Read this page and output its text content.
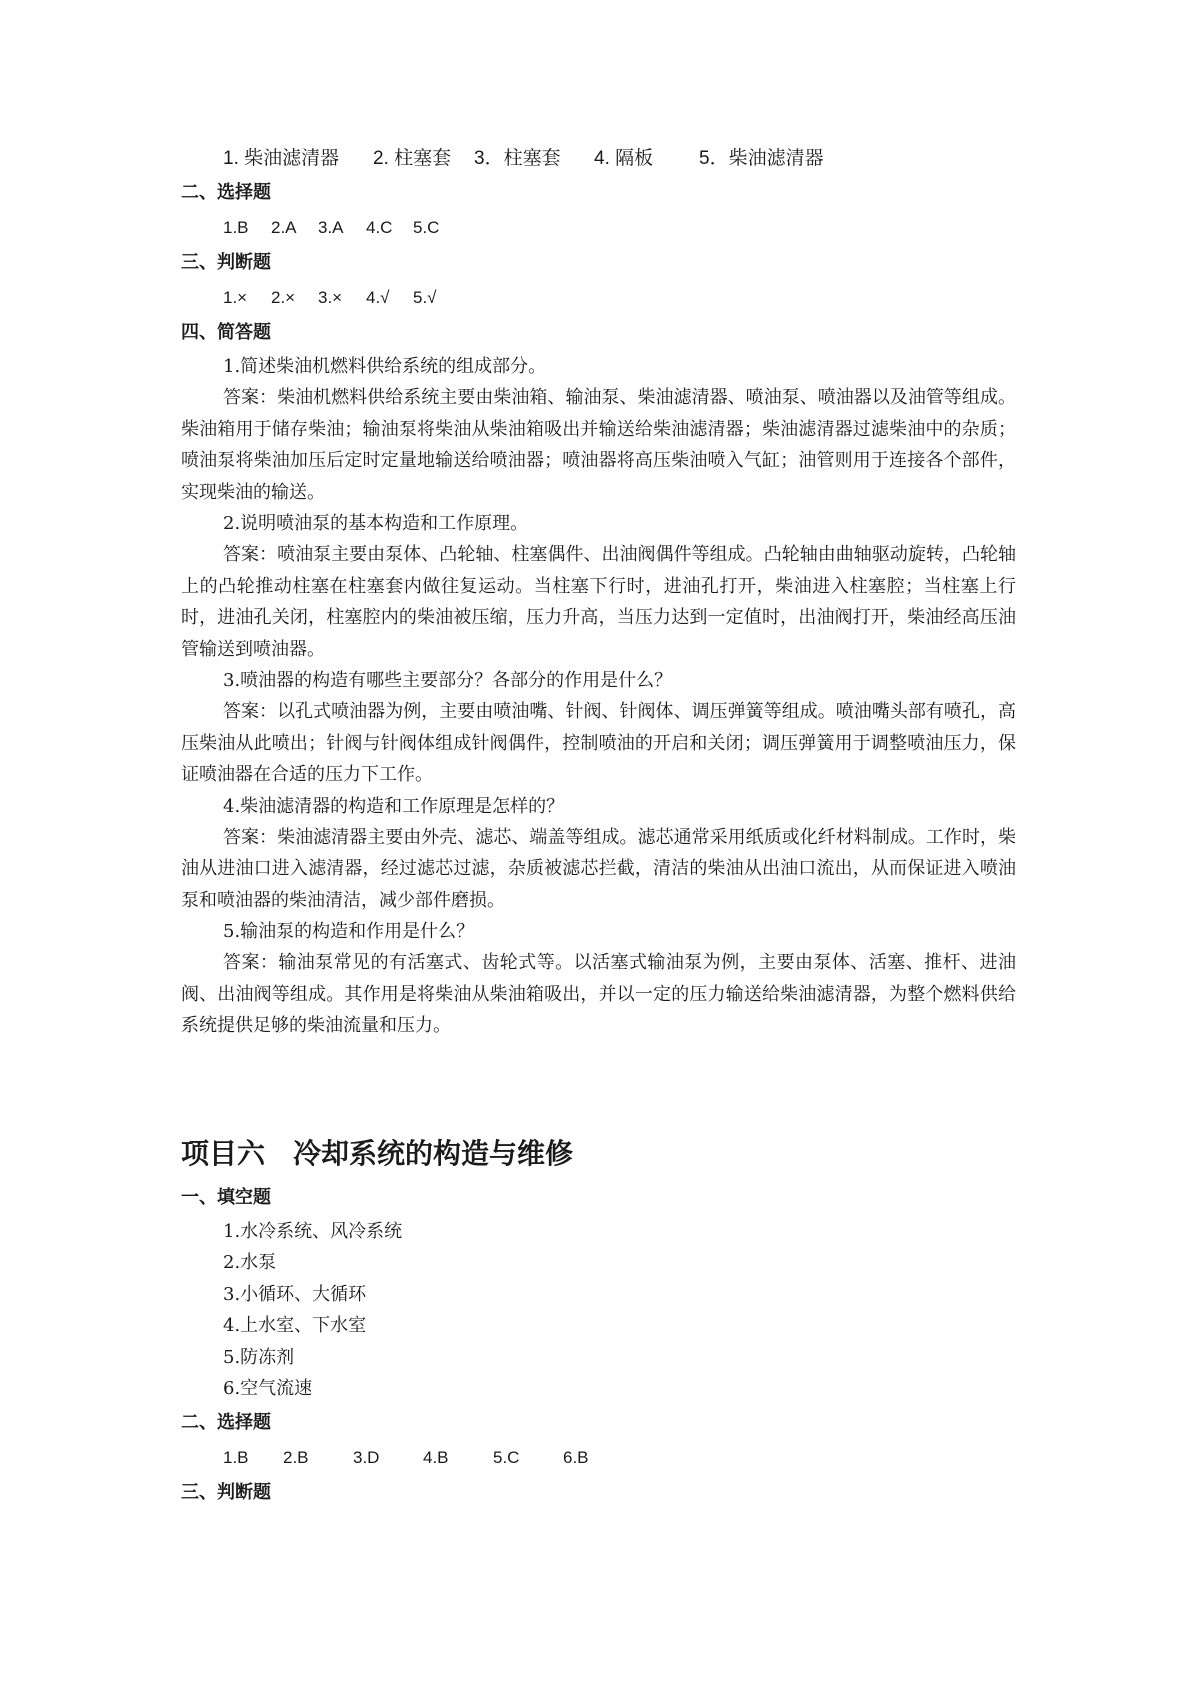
1. 柴油滤清器 2. 柱塞套 3．柱塞套 4. 隔板 5．柴油滤清器
二、选择题
1.B 2.A 3.A 4.C 5.C
三、判断题
1.× 2.× 3.× 4.√ 5.√
四、简答题

1.简述柴油机燃料供给系统的组成部分。

答案：柴油机燃料供给系统主要由柴油箱、输油泵、柴油滤清器、喷油泵、喷油器以及油管等组成。柴油箱用于储存柴油；输油泵将柴油从柴油箱吸出并输送给柴油滤清器；柴油滤清器过滤柴油中的杂质；喷油泵将柴油加压后定时定量地输送给喷油器；喷油器将高压柴油喷入气缸；油管则用于连接各个部件，实现柴油的输送。

2.说明喷油泵的基本构造和工作原理。

答案：喷油泵主要由泵体、凸轮轴、柱塞偶件、出油阀偶件等组成。凸轮轴由曲轴驱动旋转，凸轮轴上的凸轮推动柱塞在柱塞套内做往复运动。当柱塞下行时，进油孔打开，柴油进入柱塞腔；当柱塞上行时，进油孔关闭，柱塞腔内的柴油被压缩，压力升高，当压力达到一定值时，出油阀打开，柴油经高压油管输送到喷油器。

3.喷油器的构造有哪些主要部分？各部分的作用是什么？

答案：以孔式喷油器为例，主要由喷油嘴、针阀、针阀体、调压弹簧等组成。喷油嘴头部有喷孔，高压柴油从此喷出；针阀与针阀体组成针阀偶件，控制喷油的开启和关闭；调压弹簧用于调整喷油压力，保证喷油器在合适的压力下工作。

4.柴油滤清器的构造和工作原理是怎样的？

答案：柴油滤清器主要由外壳、滤芯、端盖等组成。滤芯通常采用纸质或化纤材料制成。工作时，柴油从进油口进入滤清器，经过滤芯过滤，杂质被滤芯拦截，清洁的柴油从出油口流出，从而保证进入喷油泵和喷油器的柴油清洁，减少部件磨损。

5.输油泵的构造和作用是什么？

答案：输油泵常见的有活塞式、齿轮式等。以活塞式输油泵为例，主要由泵体、活塞、推杆、进油阀、出油阀等组成。其作用是将柴油从柴油箱吸出，并以一定的压力输送给柴油滤清器，为整个燃料供给系统提供足够的柴油流量和压力。

项目六　冷却系统的构造与维修
一、填空题
1.水冷系统、风冷系统
2.水泵
3.小循环、大循环
4.上水室、下水室
5.防冻剂
6.空气流速
二、选择题
1.B 2.B	3.D	4.B	5.C	6.B
三、判断题
